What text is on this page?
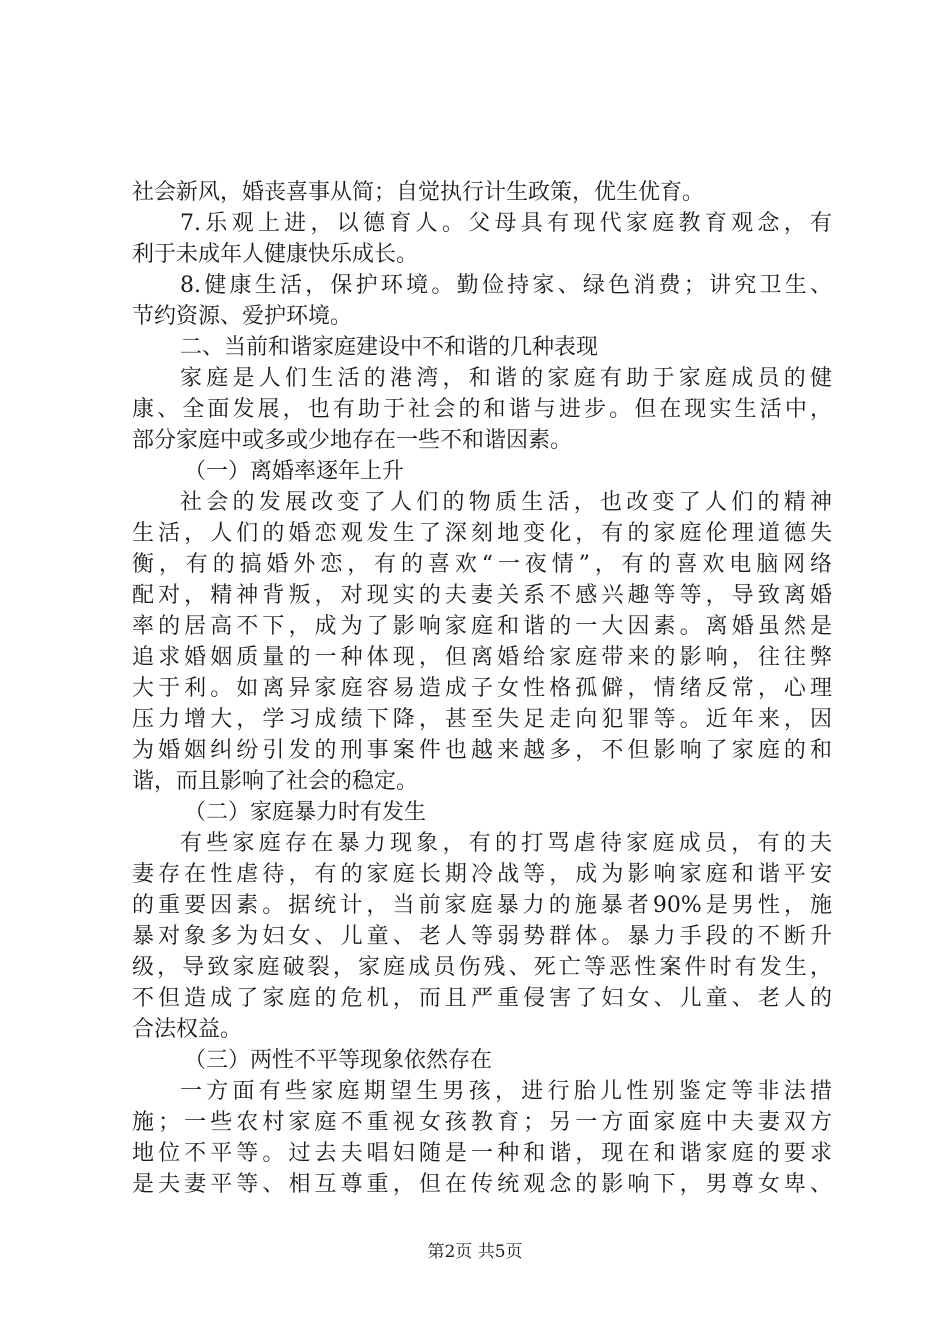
社会新风，婚丧喜事从简；自觉执行计生政策，优生优育。
7.乐观上进，以德育人。父母具有现代家庭教育观念，有
利于未成年人健康快乐成长。
8.健康生活，保护环境。勤俭持家、绿色消费；讲究卫生、
节约资源、爱护环境。
二、当前和谐家庭建设中不和谐的几种表现
家庭是人们生活的港湾，和谐的家庭有助于家庭成员的健
康、全面发展，也有助于社会的和谐与进步。但在现实生活中，
部分家庭中或多或少地存在一些不和谐因素。
（一）离婚率逐年上升
社会的发展改变了人们的物质生活，也改变了人们的精神
生活，人们的婚恋观发生了深刻地变化，有的家庭伦理道德失
衡，有的搞婚外恋，有的喜欢“一夜情”，有的喜欢电脑网络
配对，精神背叛，对现实的夫妻关系不感兴趣等等，导致离婚
率的居高不下，成为了影响家庭和谐的一大因素。离婚虽然是
追求婚姻质量的一种体现，但离婚给家庭带来的影响，往往弊
大于利。如离异家庭容易造成子女性格孤僻，情绪反常，心理
压力增大，学习成绩下降，甚至失足走向犯罪等。近年来，因
为婚姻纠纷引发的刑事案件也越来越多，不但影响了家庭的和
谐，而且影响了社会的稳定。
（二）家庭暴力时有发生
有些家庭存在暴力现象，有的打骂虐待家庭成员，有的夫
妻存在性虐待，有的家庭长期冷战等，成为影响家庭和谐平安
的重要因素。据统计，当前家庭暴力的施暴者90%是男性，施
暴对象多为妇女、儿童、老人等弱势群体。暴力手段的不断升
级，导致家庭破裂，家庭成员伤残、死亡等恶性案件时有发生，
不但造成了家庭的危机，而且严重侵害了妇女、儿童、老人的
合法权益。
（三）两性不平等现象依然存在
一方面有些家庭期望生男孩，进行胎儿性别鉴定等非法措
施；一些农村家庭不重视女孩教育；另一方面家庭中夫妻双方
地位不平等。过去夫唱妇随是一种和谐，现在和谐家庭的要求
是夫妻平等、相互尊重，但在传统观念的影响下，男尊女卑、
第2页 共5页
